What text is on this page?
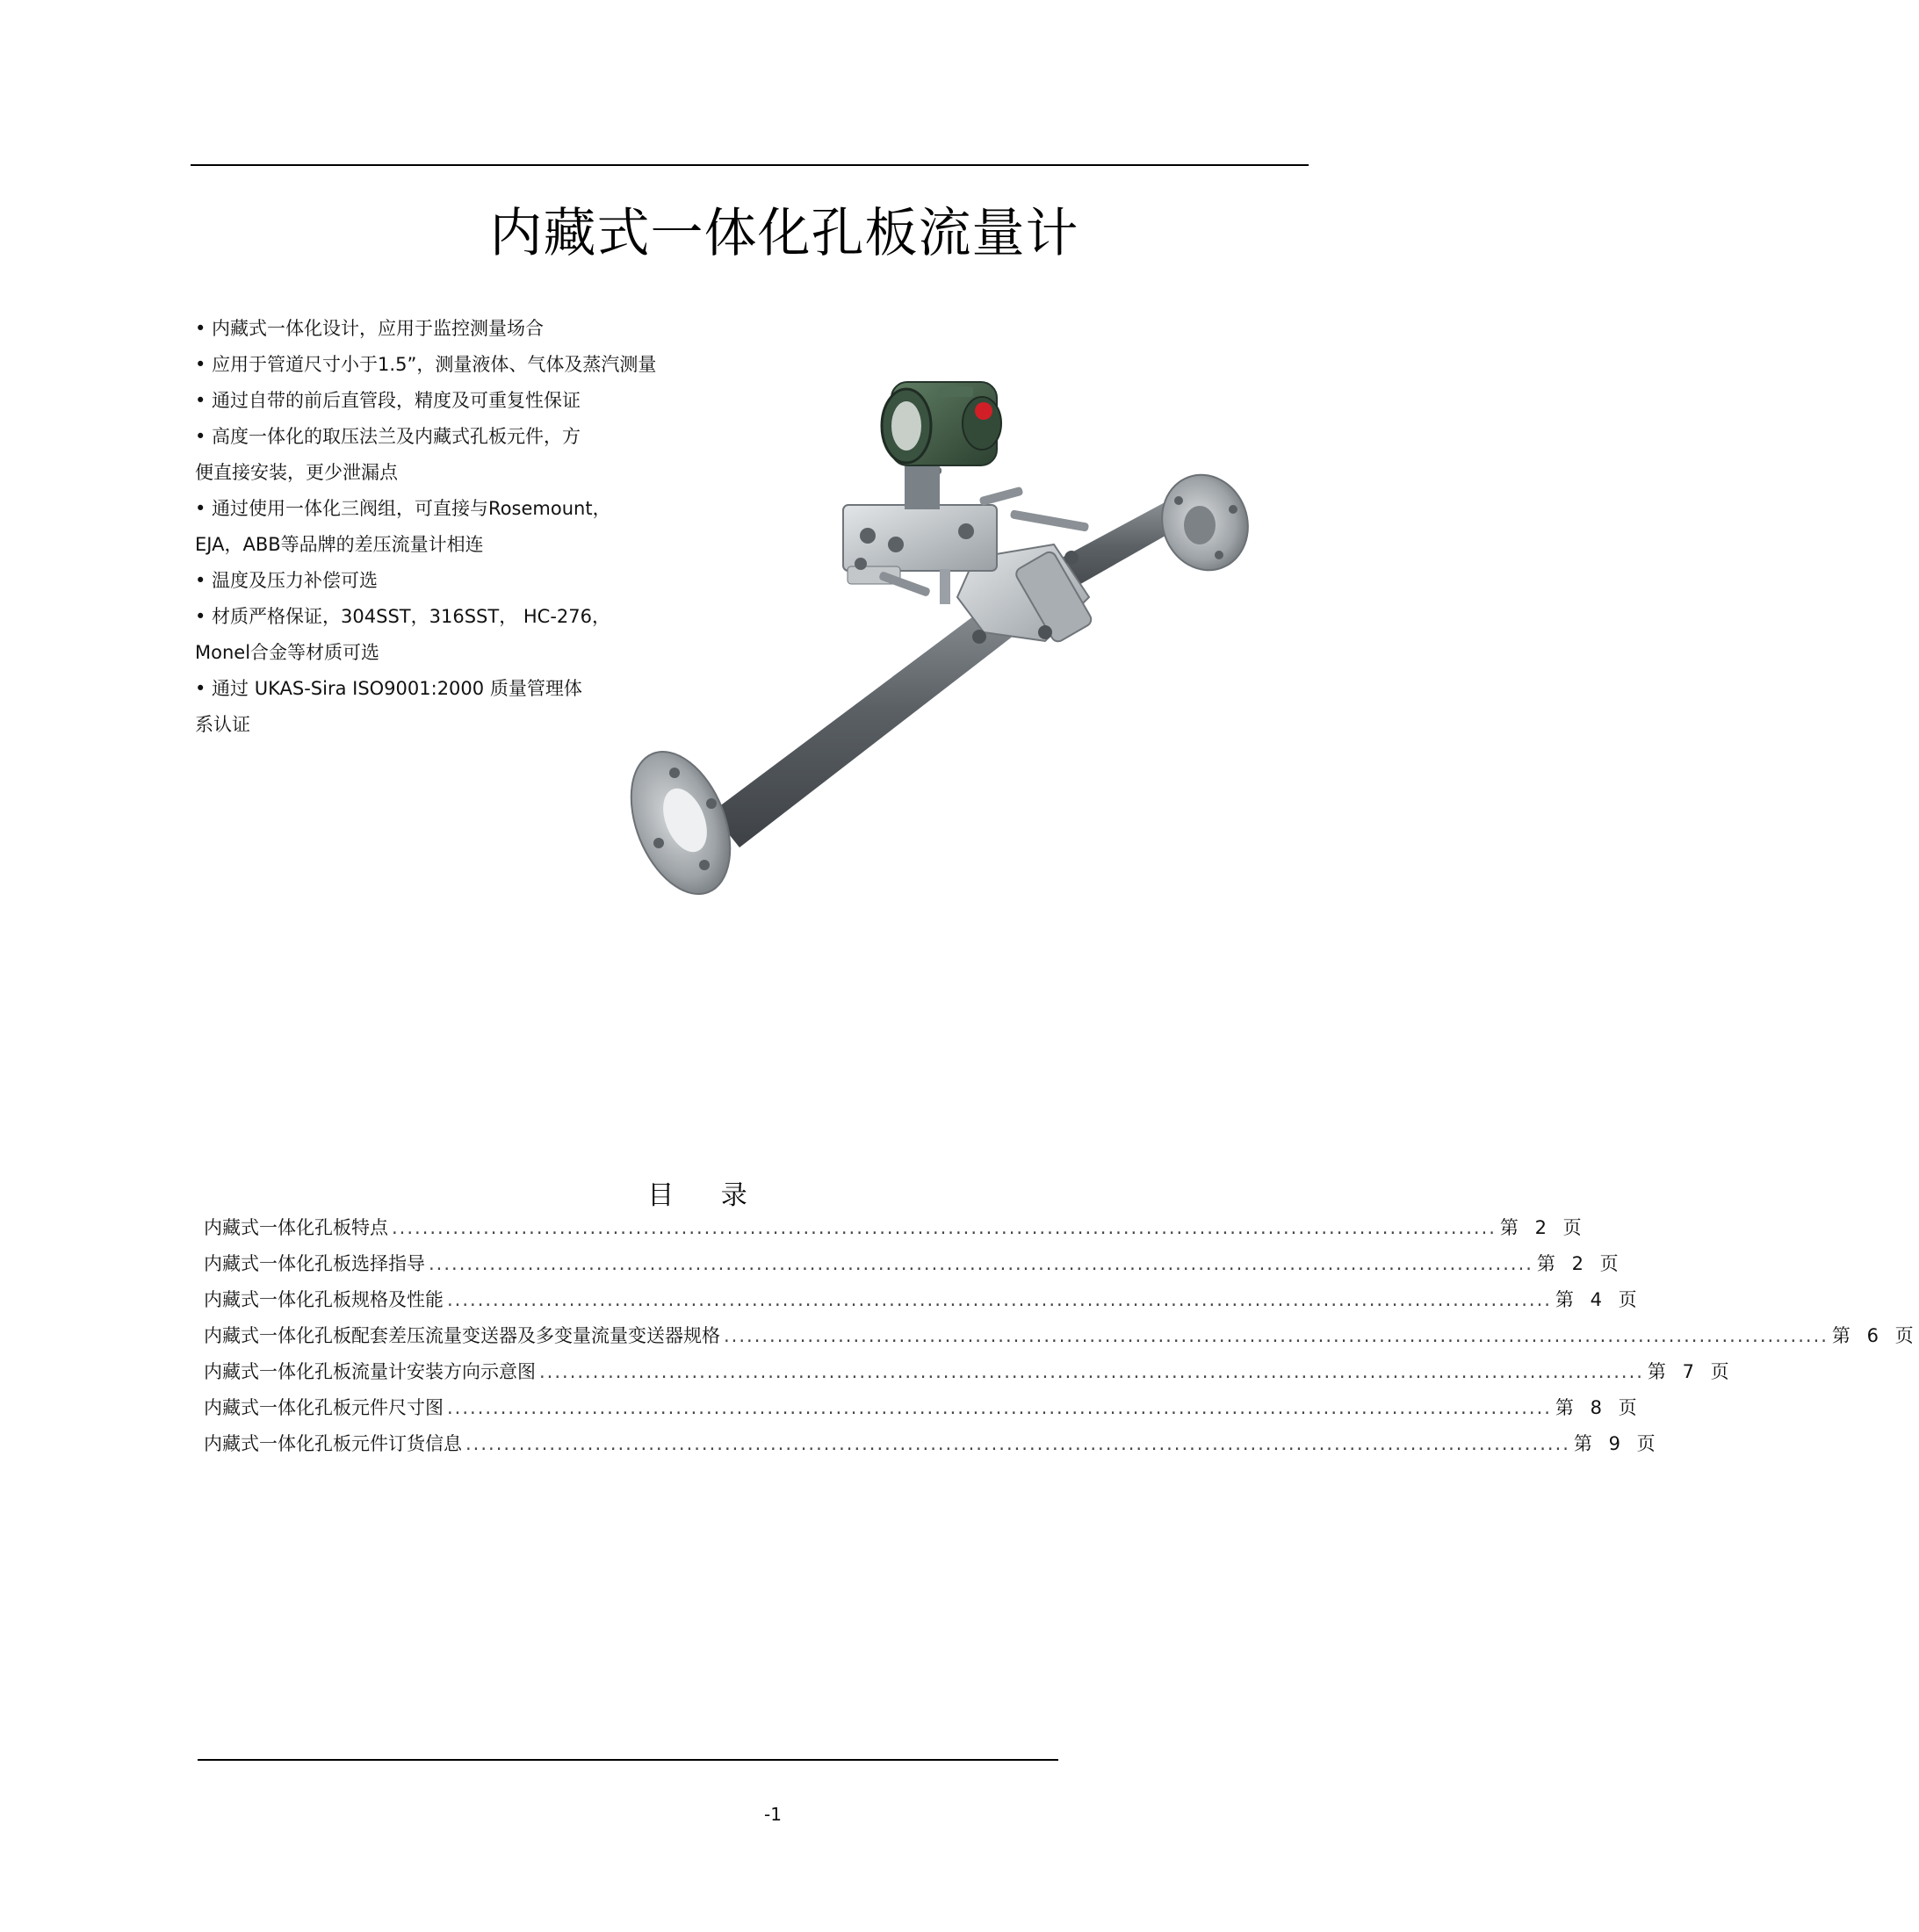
内藏式一体化孔板流量计
• 内藏式一体化设计，应用于监控测量场合
• 应用于管道尺寸小于1.5”，测量液体、气体及蒸汽测量
• 通过自带的前后直管段，精度及可重复性保证
• 高度一体化的取压法兰及内藏式孔板元件，方
便直接安装，更少泄漏点
• 通过使用一体化三阀组，可直接与Rosemount，
EJA，ABB等品牌的差压流量计相连
• 温度及压力补偿可选
• 材质严格保证，304SST，316SST， HC-276，
Monel合金等材质可选
• 通过 UKAS-Sira ISO9001:2000 质量管理体
系认证
目 录
内藏式一体化孔板特点 ................................................................................................................................................. 第 2 页
内藏式一体化孔板选择指导 ................................................................................................................................................. 第 2 页
内藏式一体化孔板规格及性能 ................................................................................................................................................. 第 4 页
内藏式一体化孔板配套差压流量变送器及多变量流量变送器规格 ................................................................................................................................................. 第 6 页
内藏式一体化孔板流量计安装方向示意图 ................................................................................................................................................. 第 7 页
内藏式一体化孔板元件尺寸图 ................................................................................................................................................. 第 8 页
内藏式一体化孔板元件订货信息 ................................................................................................................................................. 第 9 页
-1
